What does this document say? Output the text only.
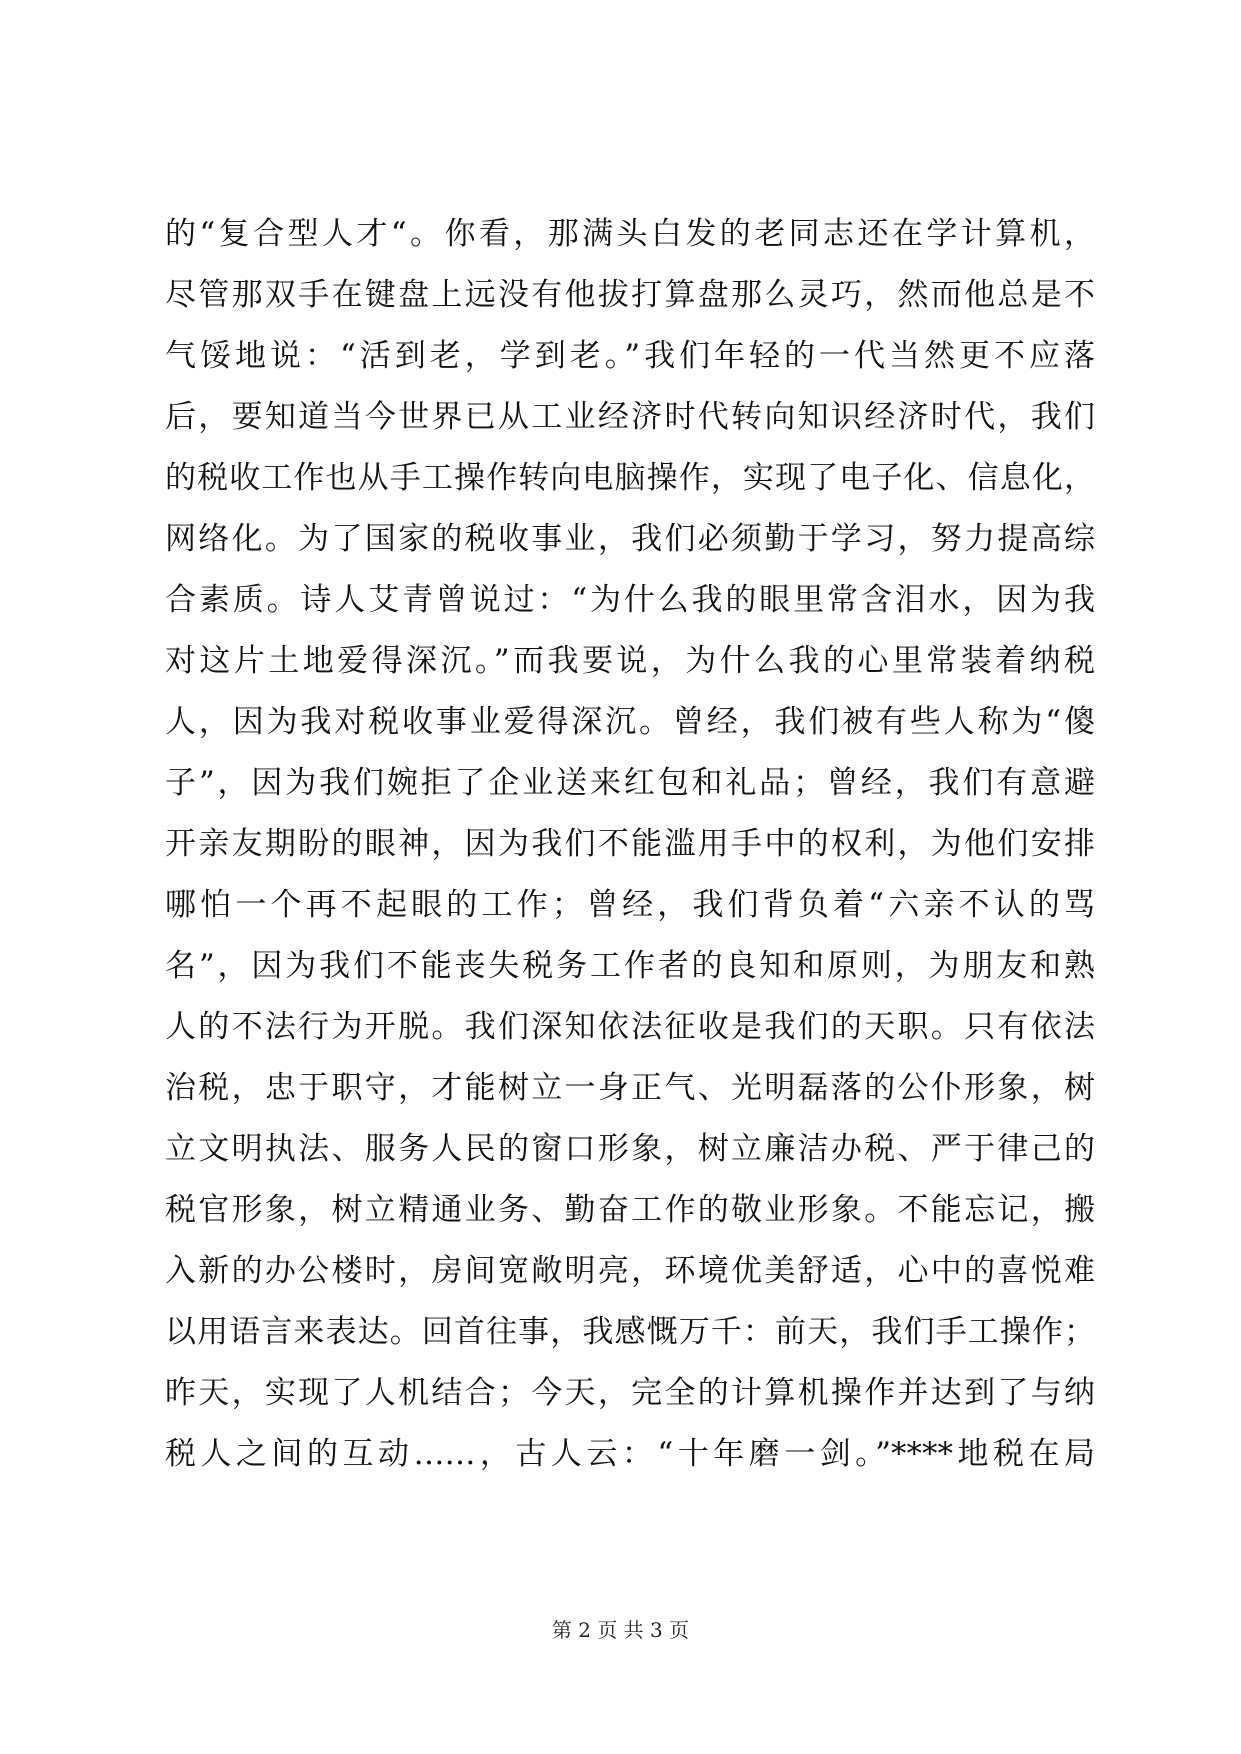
的“复合型人才“。你看，那满头白发的老同志还在学计算机，
尽管那双手在键盘上远没有他拔打算盘那么灵巧，然而他总是不
气馁地说：“活到老，学到老。”我们年轻的一代当然更不应落
后，要知道当今世界已从工业经济时代转向知识经济时代，我们
的税收工作也从手工操作转向电脑操作，实现了电子化、信息化，
网络化。为了国家的税收事业，我们必须勤于学习，努力提高综
合素质。诗人艾青曾说过：“为什么我的眼里常含泪水，因为我
对这片土地爱得深沉。”而我要说，为什么我的心里常装着纳税
人，因为我对税收事业爱得深沉。曾经，我们被有些人称为“傻
子”，因为我们婉拒了企业送来红包和礼品；曾经，我们有意避
开亲友期盼的眼神，因为我们不能滥用手中的权利，为他们安排
哪怕一个再不起眼的工作；曾经，我们背负着“六亲不认的骂
名”，因为我们不能丧失税务工作者的良知和原则，为朋友和熟
人的不法行为开脱。我们深知依法征收是我们的天职。只有依法
治税，忠于职守，才能树立一身正气、光明磊落的公仆形象，树
立文明执法、服务人民的窗口形象，树立廉洁办税、严于律己的
税官形象，树立精通业务、勤奋工作的敬业形象。不能忘记，搬
入新的办公楼时，房间宽敞明亮，环境优美舒适，心中的喜悦难
以用语言来表达。回首往事，我感慨万千：前天，我们手工操作；
昨天，实现了人机结合；今天，完全的计算机操作并达到了与纳
税人之间的互动……，古人云：“十年磨一剑。”****地税在局
第 2 页 共 3 页
